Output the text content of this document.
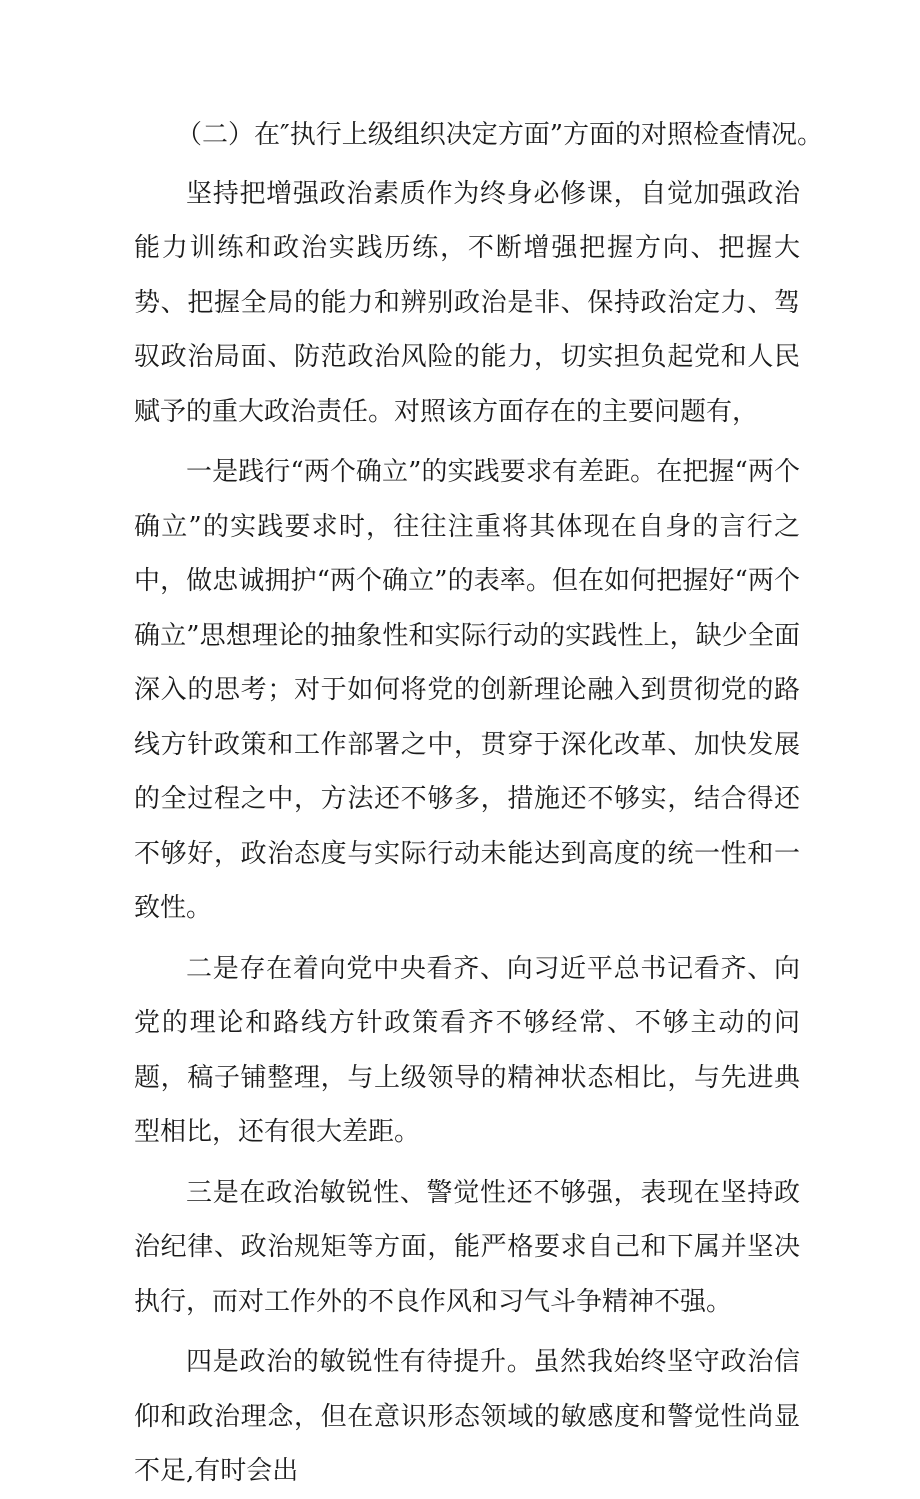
（二）在″执行上级组织决定方面”方面的对照检查情况。

坚持把增强政治素质作为终身必修课，自觉加强政治能力训练和政治实践历练，不断增强把握方向、把握大势、把握全局的能力和辨别政治是非、保持政治定力、驾驭政治局面、防范政治风险的能力，切实担负起党和人民赋予的重大政治责任。对照该方面存在的主要问题有，

一是践行“两个确立”的实践要求有差距。在把握“两个确立”的实践要求时，往往注重将其体现在自身的言行之中，做忠诚拥护“两个确立”的表率。但在如何把握好“两个确立”思想理论的抽象性和实际行动的实践性上，缺少全面深入的思考；对于如何将党的创新理论融入到贯彻党的路线方针政策和工作部署之中，贯穿于深化改革、加快发展的全过程之中，方法还不够多，措施还不够实，结合得还不够好，政治态度与实际行动未能达到高度的统一性和一致性。

二是存在着向党中央看齐、向习近平总书记看齐、向党的理论和路线方针政策看齐不够经常、不够主动的问题，稿子铺整理，与上级领导的精神状态相比，与先进典型相比，还有很大差距。

三是在政治敏锐性、警觉性还不够强，表现在坚持政治纪律、政治规矩等方面，能严格要求自己和下属并坚决执行，而对工作外的不良作风和习气斗争精神不强。

四是政治的敏锐性有待提升。虽然我始终坚守政治信仰和政治理念，但在意识形态领域的敏感度和警觉性尚显不足,有时会出
